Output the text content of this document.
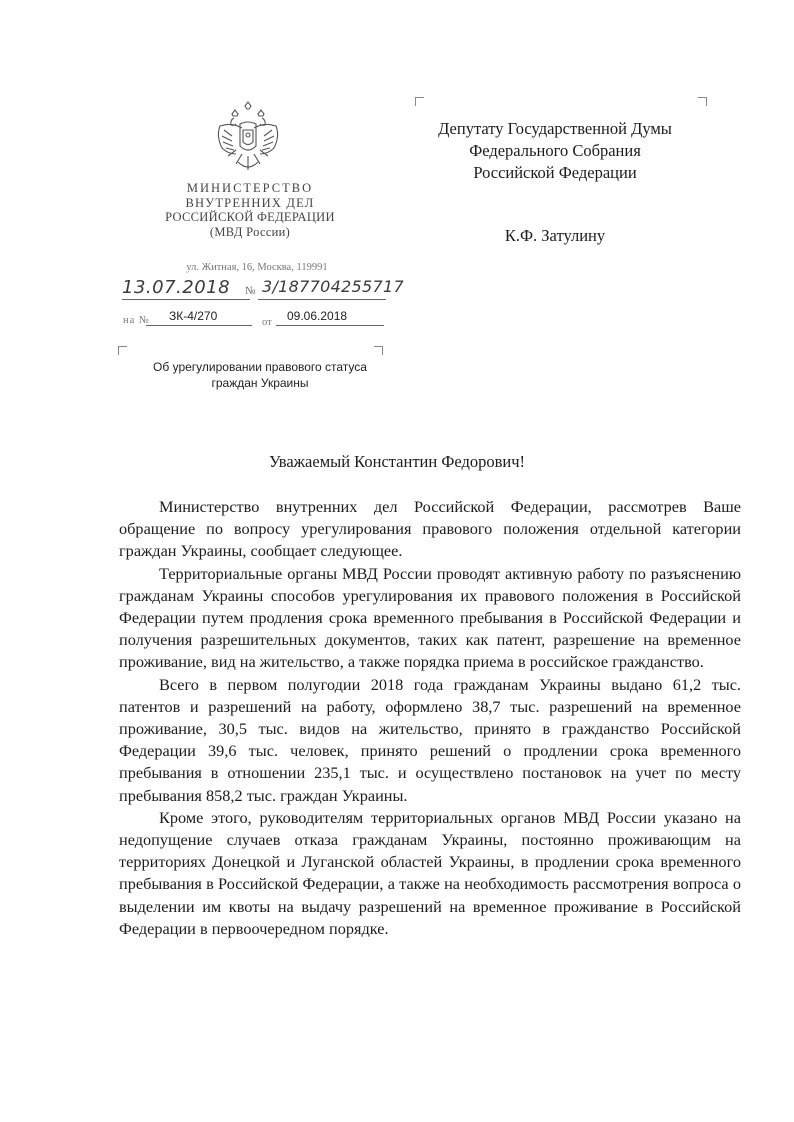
МИНИСТЕРСТВО
ВНУТРЕННИХ ДЕЛ
РОССИЙСКОЙ ФЕДЕРАЦИИ
(МВД России)
ул. Житная, 16, Москва, 119991
13.07.2018	№ 3/187704255717
на № ЗК-4/270	от 09.06.2018
Об урегулировании правового статуса граждан Украины
Депутату Государственной Думы
Федерального Собрания
Российской Федерации
К.Ф. Затулину
Уважаемый Константин Федорович!

Министерство внутренних дел Российской Федерации, рассмотрев Ваше обращение по вопросу урегулирования правового положения отдельной категории граждан Украины, сообщает следующее.

Территориальные органы МВД России проводят активную работу по разъяснению гражданам Украины способов урегулирования их правового положения в Российской Федерации путем продления срока временного пребывания в Российской Федерации и получения разрешительных документов, таких как патент, разрешение на временное проживание, вид на жительство, а также порядка приема в российское гражданство.

Всего в первом полугодии 2018 года гражданам Украины выдано 61,2 тыс. патентов и разрешений на работу, оформлено 38,7 тыс. разрешений на временное проживание, 30,5 тыс. видов на жительство, принято в гражданство Российской Федерации 39,6 тыс. человек, принято решений о продлении срока временного пребывания в отношении 235,1 тыс. и осуществлено постановок на учет по месту пребывания 858,2 тыс. граждан Украины.

Кроме этого, руководителям территориальных органов МВД России указано на недопущение случаев отказа гражданам Украины, постоянно проживающим на территориях Донецкой и Луганской областей Украины, в продлении срока временного пребывания в Российской Федерации, а также на необходимость рассмотрения вопроса о выделении им квоты на выдачу разрешений на временное проживание в Российской Федерации в первоочередном порядке.
